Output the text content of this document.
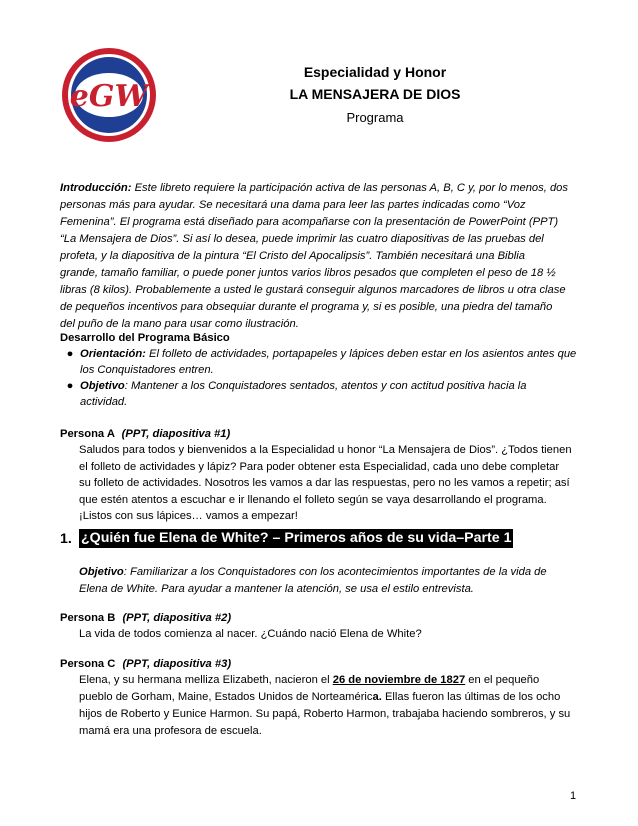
eGW
Especialidad y Honor
LA MENSAJERA DE DIOS
Programa
Introducción: Este libreto requiere la participación activa de las personas A, B, C y, por lo menos, dos
personas más para ayudar. Se necesitará una dama para leer las partes indicadas como “Voz
Femenina”. El programa está diseñado para acompañarse con la presentación de PowerPoint (PPT)
“La Mensajera de Dios”. Si así lo desea, puede imprimir las cuatro diapositivas de las pruebas del
profeta, y la diapositiva de la pintura “El Cristo del Apocalipsis”. También necesitará una Biblia
grande, tamaño familiar, o puede poner juntos varios libros pesados que completen el peso de 18 ½
libras (8 kilos). Probablemente a usted le gustará conseguir algunos marcadores de libros u otra clase
de pequeños incentivos para obsequiar durante el programa y, si es posible, una piedra del tamaño
del puño de la mano para usar como ilustración.
Desarrollo del Programa Básico
● Orientación: El folleto de actividades, portapapeles y lápices deben estar en los asientos antes que
los Conquistadores entren.
● Objetivo: Mantener a los Conquistadores sentados, atentos y con actitud positiva hacia la
actividad.
Persona A (PPT, diapositiva #1)
Saludos para todos y bienvenidos a la Especialidad u honor “La Mensajera de Dios”. ¿Todos tienen
el folleto de actividades y lápiz? Para poder obtener esta Especialidad, cada uno debe completar
su folleto de actividades. Nosotros les vamos a dar las respuestas, pero no les vamos a repetir; así
que estén atentos a escuchar e ir llenando el folleto según se vaya desarrollando el programa.
¡Listos con sus lápices… vamos a empezar!
1. ¿Quién fue Elena de White? – Primeros años de su vida–Parte 1
Objetivo: Familiarizar a los Conquistadores con los acontecimientos importantes de la vida de
Elena de White. Para ayudar a mantener la atención, se usa el estilo entrevista.
Persona B (PPT, diapositiva #2)
La vida de todos comienza al nacer. ¿Cuándo nació Elena de White?
Persona C (PPT, diapositiva #3)
Elena, y su hermana melliza Elizabeth, nacieron el 26 de noviembre de 1827 en el pequeño
pueblo de Gorham, Maine, Estados Unidos de Norteamérica. Ellas fueron las últimas de los ocho
hijos de Roberto y Eunice Harmon. Su papá, Roberto Harmon, trabajaba haciendo sombreros, y su
mamá era una profesora de escuela.
1
